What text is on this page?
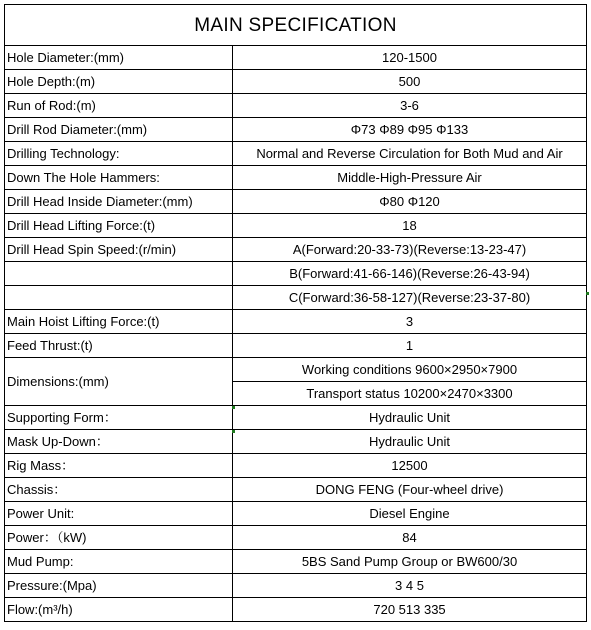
MAIN SPECIFICATION	
Hole Diameter:(mm)	120-1500
Hole Depth:(m)	500
Run of Rod:(m)	3-6
Drill Rod Diameter:(mm)	Φ73 Φ89 Φ95 Φ133
Drilling Technology:	Normal and Reverse Circulation for Both Mud and Air
Down The Hole Hammers:	Middle-High-Pressure Air
Drill Head Inside Diameter:(mm)	Φ80 Φ120
Drill Head Lifting Force:(t)	18
Drill Head Spin Speed:(r/min)	A(Forward:20-33-73)(Reverse:13-23-47)
	B(Forward:41-66-146)(Reverse:26-43-94)
	C(Forward:36-58-127)(Reverse:23-37-80)
Main Hoist Lifting Force:(t)	3
Feed Thrust:(t)	1
Dimensions:(mm)	Working conditions 9600×2950×7900
	Transport status 10200×2470×3300
Supporting Form：	Hydraulic Unit
Mask Up-Down：	Hydraulic Unit
Rig Mass：	12500
Chassis：	DONG FENG (Four-wheel drive)
Power Unit:	Diesel Engine
Power：（kW)	84
Mud Pump:	5BS Sand Pump Group or BW600/30
Pressure:(Mpa)	3 4 5
Flow:(m³/h)	720 513 335
